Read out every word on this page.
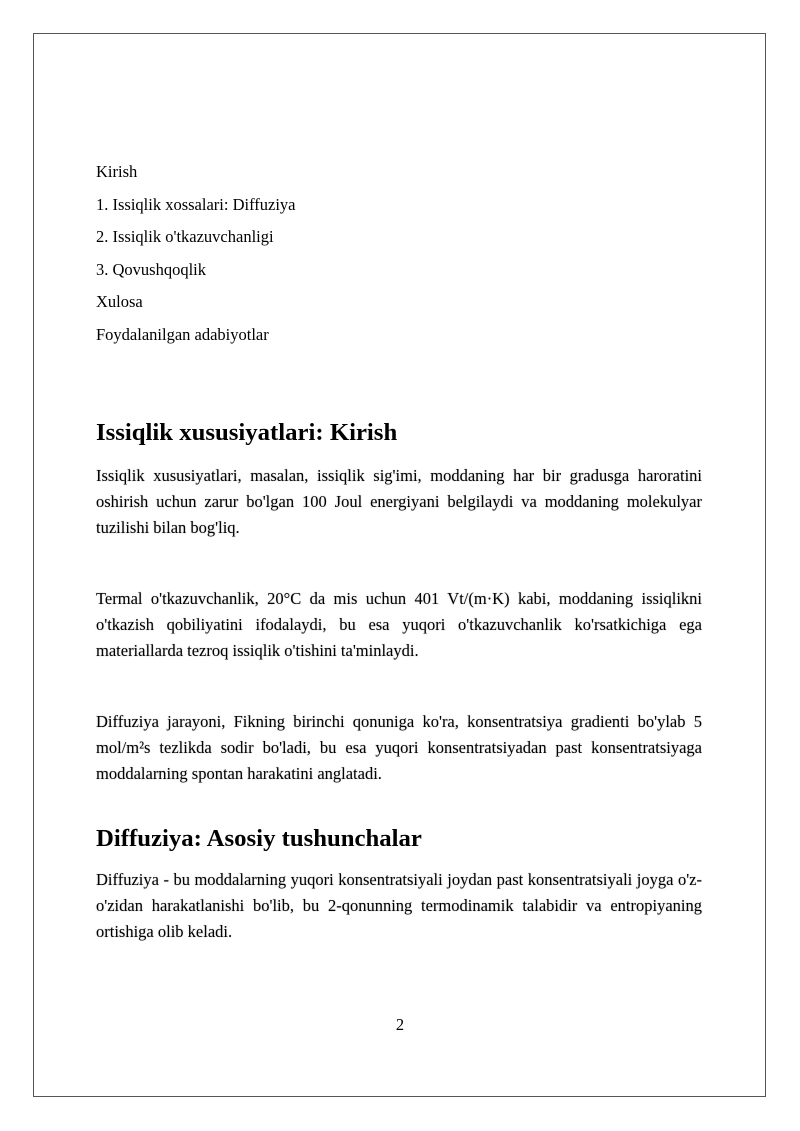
Kirish

1. Issiqlik xossalari: Diffuziya

2. Issiqlik o'tkazuvchanligi

3. Qovushqoqlik

Xulosa

Foydalanilgan adabiyotlar

Issiqlik xususiyatlari: Kirish

Issiqlik xususiyatlari, masalan, issiqlik sig'imi, moddaning har bir gradusga haroratini oshirish uchun zarur bo'lgan 100 Joul energiyani belgilaydi va moddaning molekulyar tuzilishi bilan bog'liq.

Termal o'tkazuvchanlik, 20°C da mis uchun 401 Vt/(m·K) kabi, moddaning issiqlikni o'tkazish qobiliyatini ifodalaydi, bu esa yuqori o'tkazuvchanlik ko'rsatkichiga ega materiallarda tezroq issiqlik o'tishini ta'minlaydi.

Diffuziya jarayoni, Fikning birinchi qonuniga ko'ra, konsentratsiya gradienti bo'ylab 5 mol/m²s tezlikda sodir bo'ladi, bu esa yuqori konsentratsiyadan past konsentratsiyaga moddalarning spontan harakatini anglatadi.

Diffuziya: Asosiy tushunchalar

Diffuziya - bu moddalarning yuqori konsentratsiyali joydan past konsentratsiyali joyga o'z-o'zidan harakatlanishi bo'lib, bu 2-qonunning termodinamik talabidir va entropiyaning ortishiga olib keladi.

2
